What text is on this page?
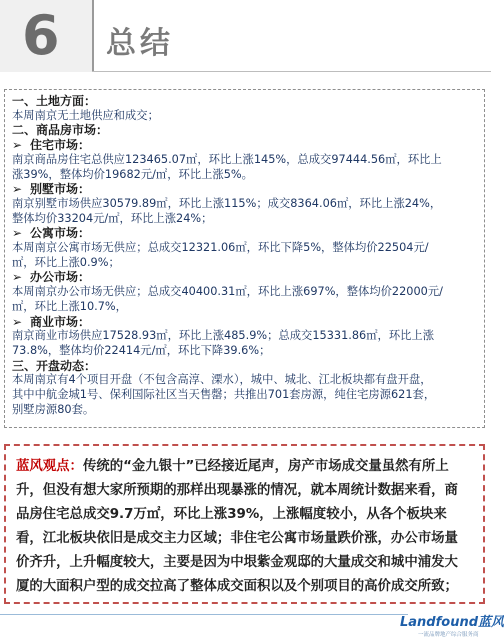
6 总结
一、土地方面：
本周南京无土地供应和成交；
二、商品房市场：
➢ 住宅市场：
南京商品房住宅总供应123465.07㎡，环比上涨145%，总成交97444.56㎡，环比上
涨39%，整体均价19682元/㎡，环比上涨5%。
➢ 别墅市场：
南京别墅市场供应30579.89㎡，环比上涨115%；成交8364.06㎡，环比上涨24%，
整体均价33204元/㎡，环比上涨24%；
➢ 公寓市场：
本周南京公寓市场无供应；总成交12321.06㎡，环比下降5%，整体均价22504元/
㎡，环比上涨0.9%；
➢ 办公市场：
本周南京办公市场无供应；总成交40400.31㎡，环比上涨697%，整体均价22000元/
㎡，环比上涨10.7%，
➢ 商业市场：
南京商业市场供应17528.93㎡，环比上涨485.9%；总成交15331.86㎡，环比上涨
73.8%，整体均价22414元/㎡，环比下降39.6%；
三、开盘动态：
本周南京有4个项目开盘（不包含高淳、溧水），城中、城北、江北板块都有盘开盘，
其中中航金城1号、保利国际社区当天售罄；共推出701套房源，纯住宅房源621套，
别墅房源80套。
蓝风观点：传统的“金九银十”已经接近尾声，房产市场成交量虽然有所上
升，但没有想大家所预期的那样出现暴涨的情况，就本周统计数据来看，商
品房住宅总成交9.7万㎡，环比上涨39%，上涨幅度较小，从各个板块来
看，江北板块依旧是成交主力区域；非住宅公寓市场量跌价涨，办公市场量
价齐升，上升幅度较大，主要是因为中垠紫金观邸的大量成交和城中浦发大
厦的大面积户型的成交拉高了整体成交面积以及个别项目的高价成交所致；
Landfound蓝风
一流品牌地产综合服务商
